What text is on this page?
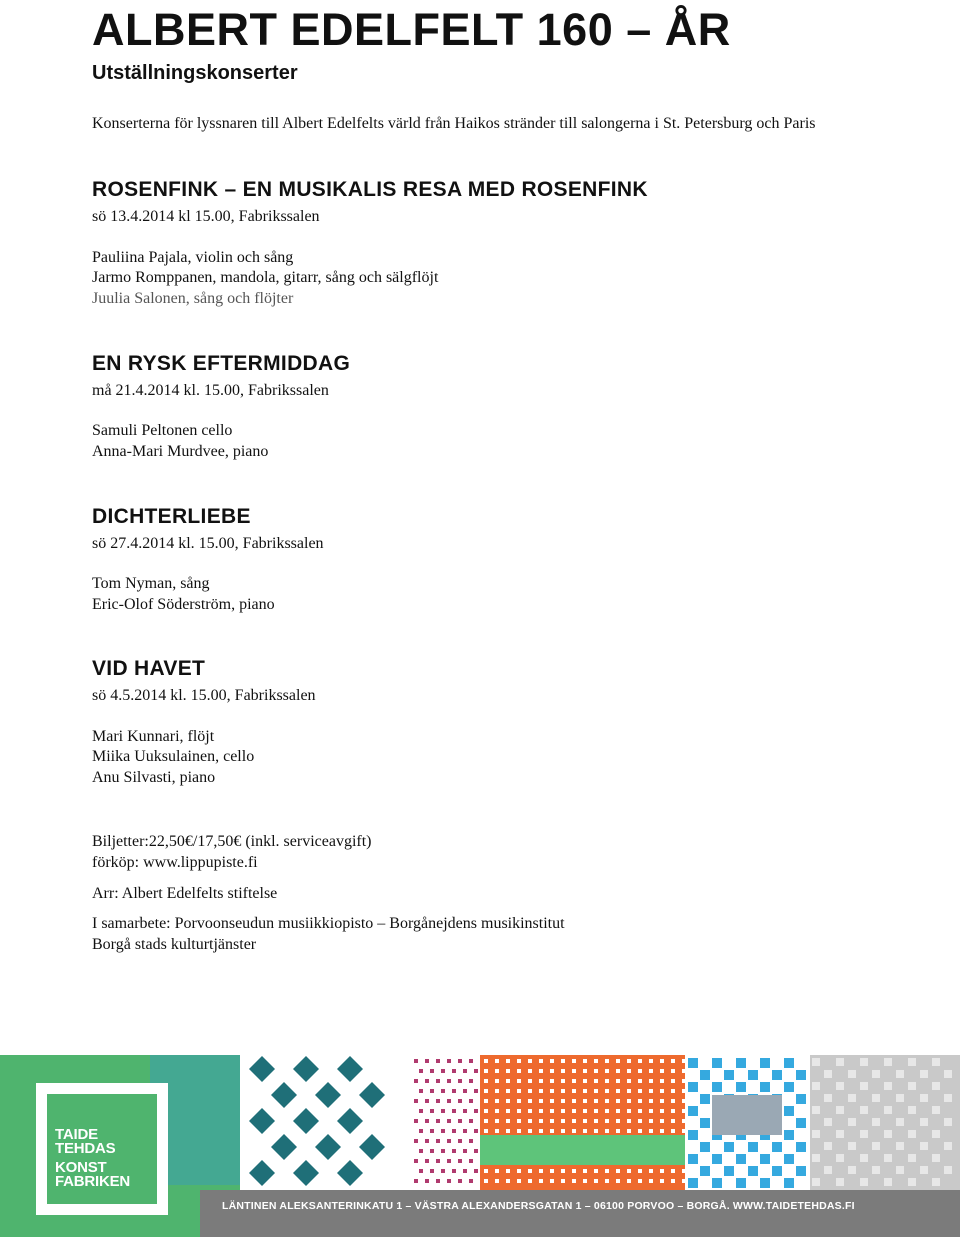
ALBERT EDELFELT 160 – ÅR
Utställningskonserter

Konserterna för lyssnaren till Albert Edelfelts värld från Haikos stränder till salongerna i St. Petersburg och Paris

ROSENFINK – EN MUSIKALIS RESA MED ROSENFINK

sö 13.4.2014 kl 15.00, Fabrikssalen

Pauliina Pajala, violin och sång

Jarmo Romppanen, mandola, gitarr, sång och sälgflöjt

Juulia Salonen, sång och flöjter

EN RYSK EFTERMIDDAG

må 21.4.2014 kl. 15.00, Fabrikssalen

Samuli Peltonen cello

Anna-Mari Murdvee, piano

DICHTERLIEBE

sö 27.4.2014 kl. 15.00, Fabrikssalen

Tom Nyman, sång

Eric-Olof Söderström, piano

VID HAVET

sö 4.5.2014 kl. 15.00, Fabrikssalen

Mari Kunnari, flöjt

Miika Uuksulainen, cello

Anu Silvasti, piano

Biljetter:22,50€/17,50€ (inkl. serviceavgift)

förköp: www.lippupiste.fi

Arr: Albert Edelfelts stiftelse

I samarbete: Porvoonseudun musiikkiopisto – Borgånejdens musikinstitut

Borgå stads kulturtjänster

TAIDE

TEHDAS

KONST

FABRIKEN

LÄNTINEN ALEKSANTERINKATU 1 – VÄSTRA ALEXANDERSGATAN 1 – 06100 PORVOO – BORGÅ. WWW.TAIDETEHDAS.FI
